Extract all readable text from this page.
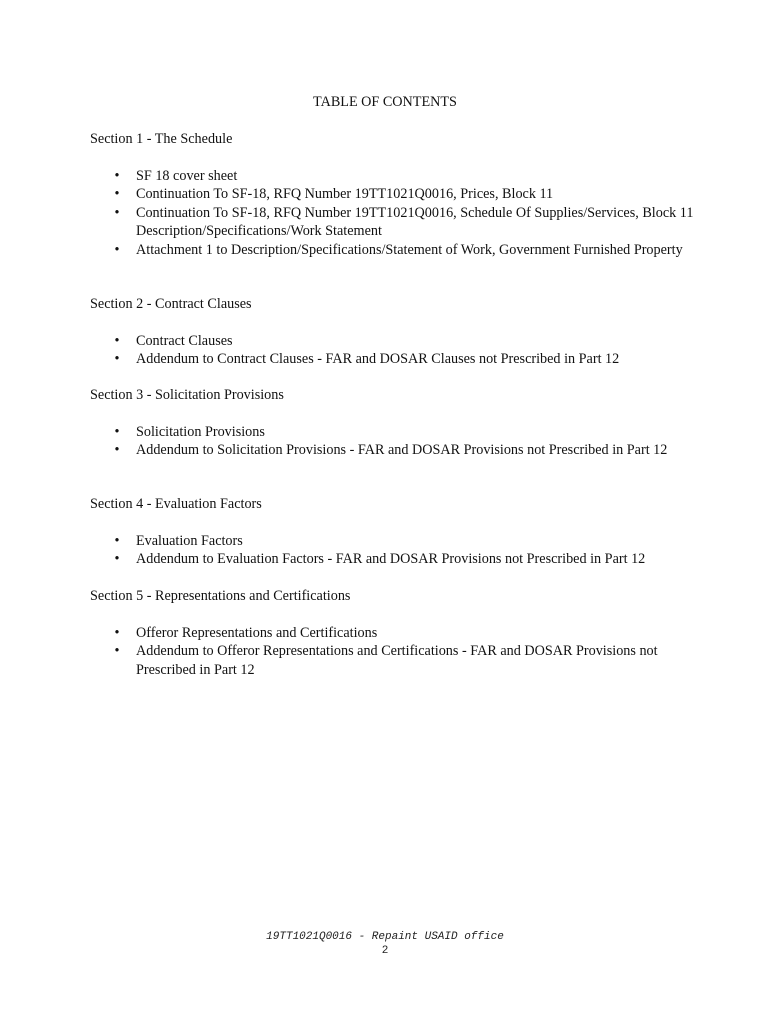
TABLE OF CONTENTS

Section 1 - The Schedule

• SF 18 cover sheet
• Continuation To SF-18, RFQ Number 19TT1021Q0016, Prices, Block 11
• Continuation To SF-18, RFQ Number 19TT1021Q0016, Schedule Of Supplies/Services, Block 11 Description/Specifications/Work Statement
• Attachment 1 to Description/Specifications/Statement of Work, Government Furnished Property

Section 2 - Contract Clauses

• Contract Clauses
• Addendum to Contract Clauses - FAR and DOSAR Clauses not Prescribed in Part 12

Section 3 - Solicitation Provisions

• Solicitation Provisions
• Addendum to Solicitation Provisions - FAR and DOSAR Provisions not Prescribed in Part 12

Section 4 - Evaluation Factors

• Evaluation Factors
• Addendum to Evaluation Factors - FAR and DOSAR Provisions not Prescribed in Part 12

Section 5 - Representations and Certifications

• Offeror Representations and Certifications
• Addendum to Offeror Representations and Certifications - FAR and DOSAR Provisions not Prescribed in Part 12
19TT1021Q0016 - Repaint USAID office
2
